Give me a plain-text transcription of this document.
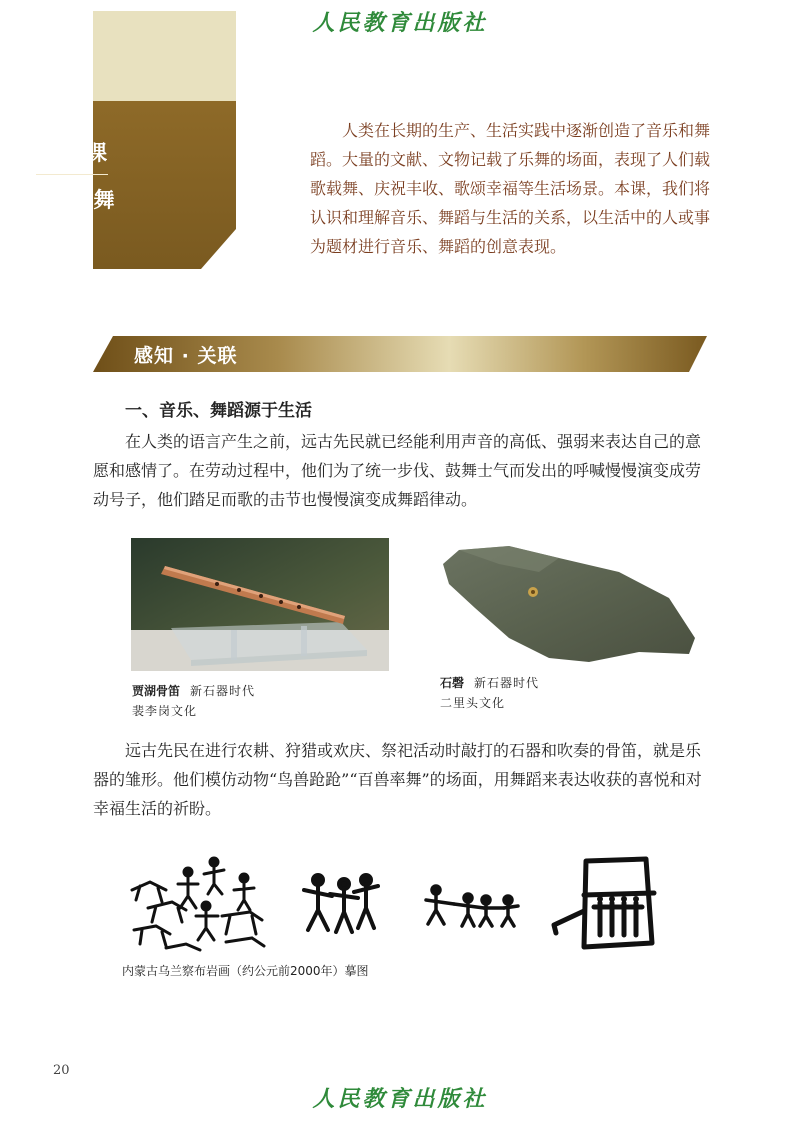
人民教育出版社
第 4 课
寄情乐舞

人类在长期的生产、生活实践中逐渐创造了音乐和舞蹈。大量的文献、文物记载了乐舞的场面，表现了人们载歌载舞、庆祝丰收、歌颂幸福等生活场景。本课，我们将认识和理解音乐、舞蹈与生活的关系，以生活中的人或事为题材进行音乐、舞蹈的创意表现。

感知 · 关联
一、音乐、舞蹈源于生活

在人类的语言产生之前，远古先民就已经能利用声音的高低、强弱来表达自己的意愿和感情了。在劳动过程中，他们为了统一步伐、鼓舞士气而发出的呼喊慢慢演变成劳动号子，他们踏足而歌的击节也慢慢演变成舞蹈律动。

贾湖骨笛 新石器时代
裴李岗文化
石磬 新石器时代
二里头文化

远古先民在进行农耕、狩猎或欢庆、祭祀活动时敲打的石器和吹奏的骨笛，就是乐器的雏形。他们模仿动物“鸟兽跄跄”“百兽率舞”的场面，用舞蹈来表达收获的喜悦和对幸福生活的祈盼。

内蒙古乌兰察布岩画（约公元前2000年）摹图
20
人民教育出版社
